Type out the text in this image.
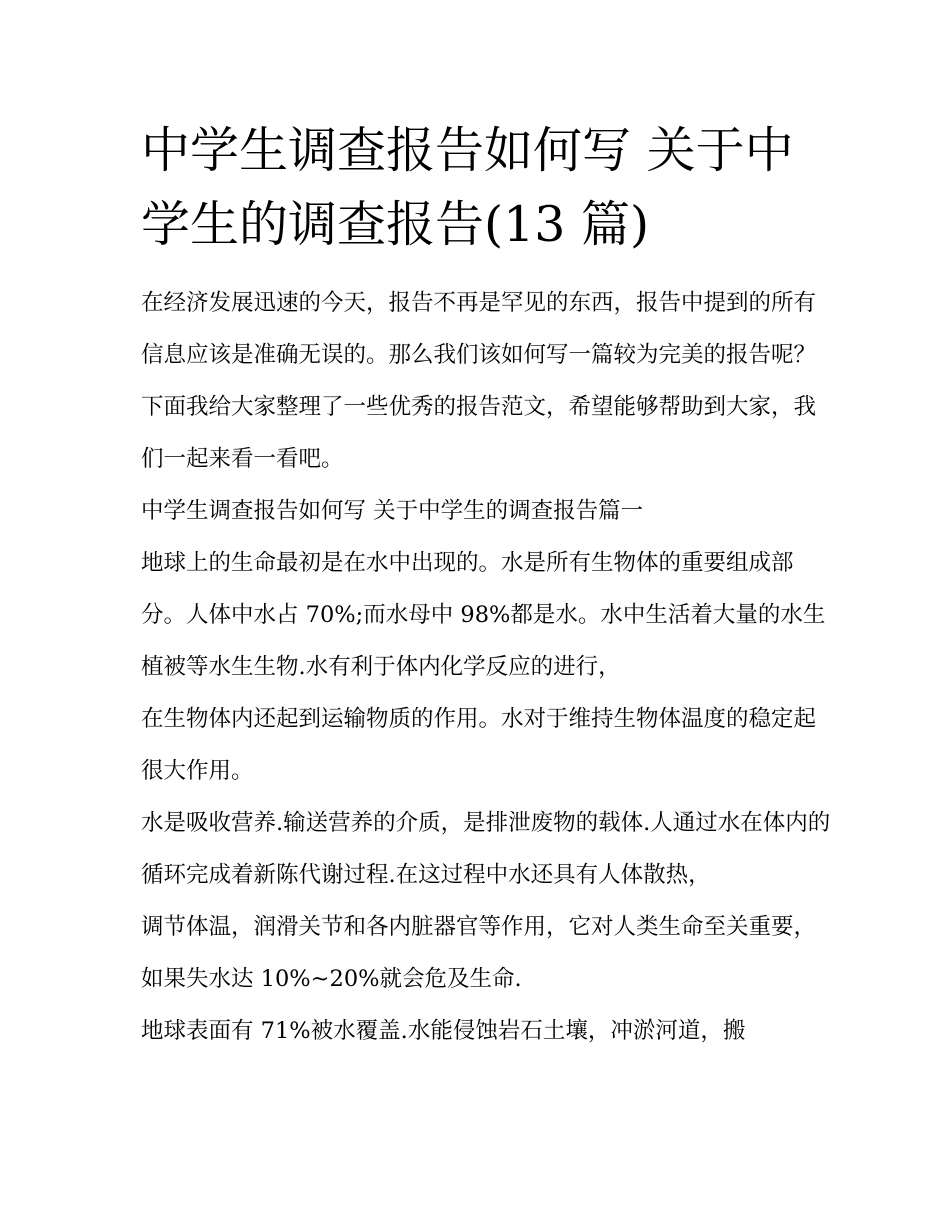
中学生调查报告如何写 关于中学生的调查报告(13 篇)

在经济发展迅速的今天，报告不再是罕见的东西，报告中提到的所有信息应该是准确无误的。那么我们该如何写一篇较为完美的报告呢？下面我给大家整理了一些优秀的报告范文，希望能够帮助到大家，我们一起来看一看吧。

中学生调查报告如何写 关于中学生的调查报告篇一

地球上的生命最初是在水中出现的。水是所有生物体的重要组成部分。人体中水占 70%;而水母中 98%都是水。水中生活着大量的水生植被等水生生物.水有利于体内化学反应的进行，

在生物体内还起到运输物质的作用。水对于维持生物体温度的稳定起很大作用。

水是吸收营养.输送营养的介质，是排泄废物的载体.人通过水在体内的循环完成着新陈代谢过程.在这过程中水还具有人体散热，

调节体温，润滑关节和各内脏器官等作用，它对人类生命至关重要，如果失水达 10%~20%就会危及生命.

地球表面有 71%被水覆盖.水能侵蚀岩石土壤，冲淤河道，搬
